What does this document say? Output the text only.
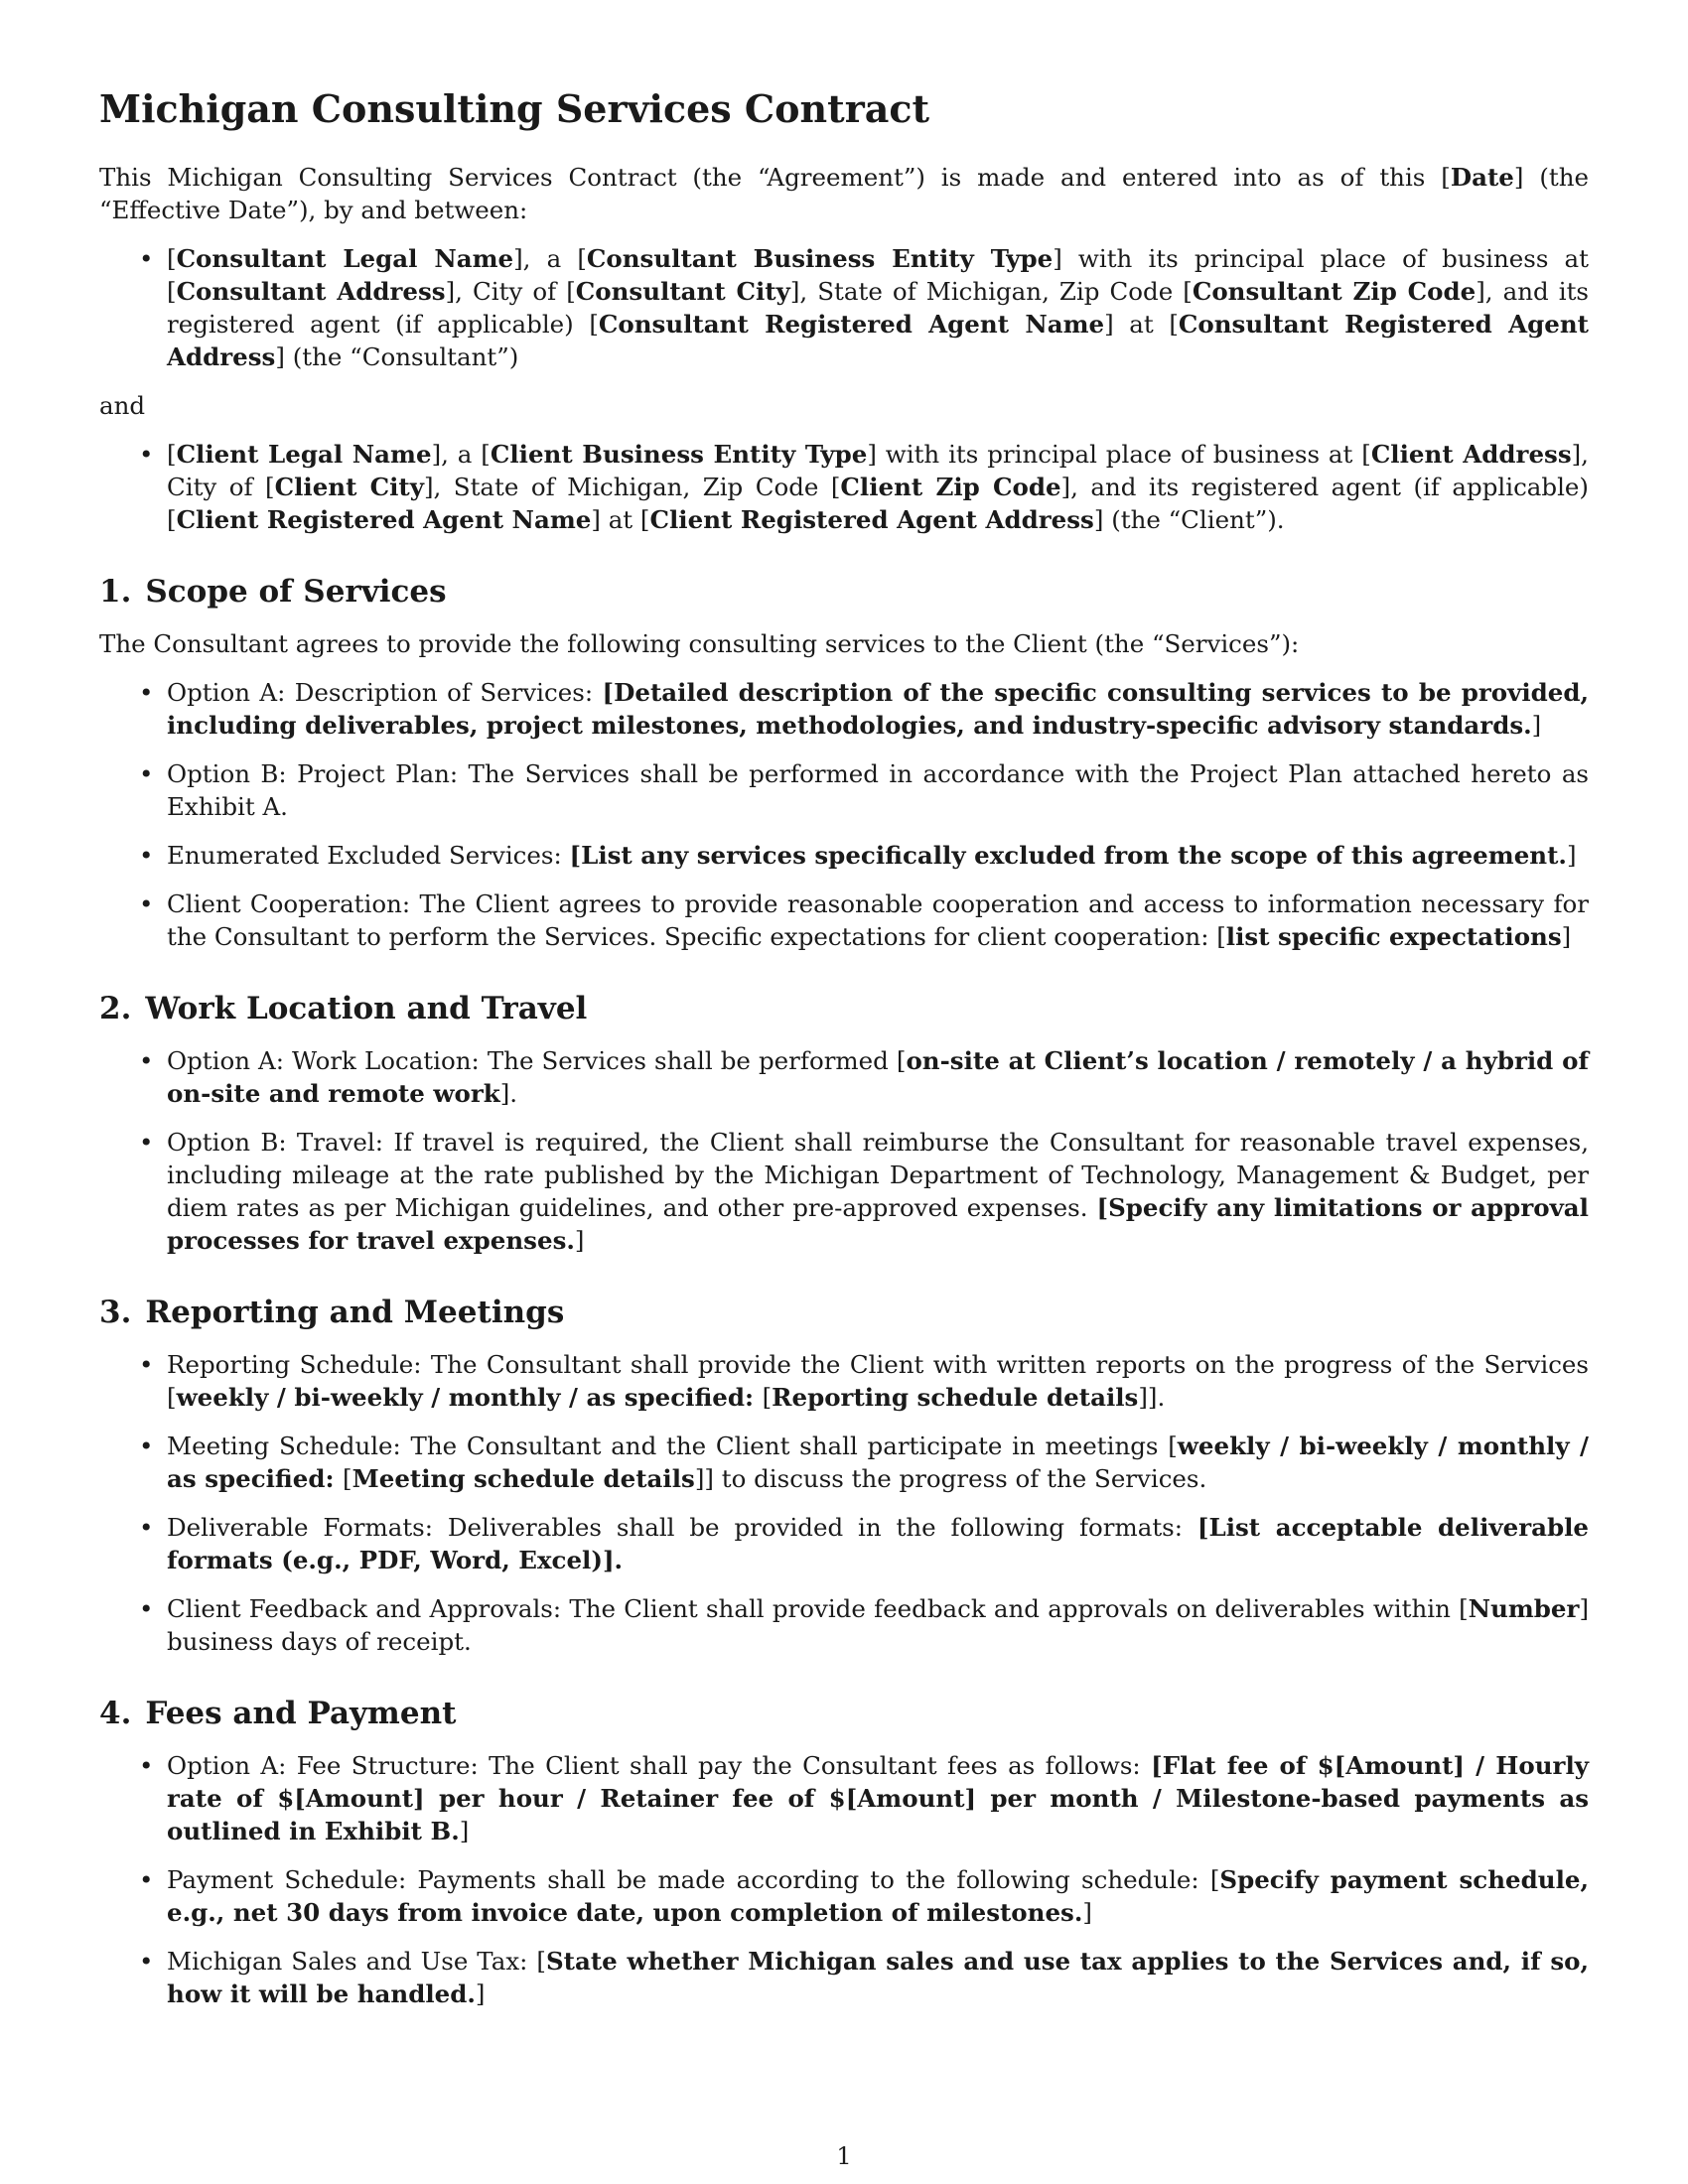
Michigan Consulting Services Contract

This Michigan Consulting Services Contract (the “Agreement”) is made and entered into as of this [Date] (the “Effective Date”), by and between:

• [Consultant Legal Name], a [Consultant Business Entity Type] with its principal place of business at [Consultant Address], City of [Consultant City], State of Michigan, Zip Code [Consultant Zip Code], and its registered agent (if applicable) [Consultant Registered Agent Name] at [Consultant Registered Agent Address] (the “Consultant”)

and

• [Client Legal Name], a [Client Business Entity Type] with its principal place of business at [Client Address], City of [Client City], State of Michigan, Zip Code [Client Zip Code], and its registered agent (if applicable) [Client Registered Agent Name] at [Client Registered Agent Address] (the “Client”).
1. Scope of Services

The Consultant agrees to provide the following consulting services to the Client (the “Services”):

• Option A: Description of Services: [Detailed description of the specific consulting services to be provided, including deliverables, project milestones, methodologies, and industry-specific advisory standards.]
• Option B: Project Plan: The Services shall be performed in accordance with the Project Plan attached hereto as Exhibit A.
• Enumerated Excluded Services: [List any services specifically excluded from the scope of this agreement.]
• Client Cooperation: The Client agrees to provide reasonable cooperation and access to information necessary for the Consultant to perform the Services. Specific expectations for client cooperation: [list specific expectations]
2. Work Location and Travel
• Option A: Work Location: The Services shall be performed [on-site at Client’s location / remotely / a hybrid of on-site and remote work].
• Option B: Travel: If travel is required, the Client shall reimburse the Consultant for reasonable travel expenses, including mileage at the rate published by the Michigan Department of Technology, Management & Budget, per diem rates as per Michigan guidelines, and other pre-approved expenses. [Specify any limitations or approval processes for travel expenses.]
3. Reporting and Meetings
• Reporting Schedule: The Consultant shall provide the Client with written reports on the progress of the Services [weekly / bi-weekly / monthly / as specified: [Reporting schedule details]].
• Meeting Schedule: The Consultant and the Client shall participate in meetings [weekly / bi-weekly / monthly / as specified: [Meeting schedule details]] to discuss the progress of the Services.
• Deliverable Formats: Deliverables shall be provided in the following formats: [List acceptable deliverable formats (e.g., PDF, Word, Excel)].
• Client Feedback and Approvals: The Client shall provide feedback and approvals on deliverables within [Number] business days of receipt.
4. Fees and Payment
• Option A: Fee Structure: The Client shall pay the Consultant fees as follows: [Flat fee of $[Amount] / Hourly rate of $[Amount] per hour / Retainer fee of $[Amount] per month / Milestone-based payments as outlined in Exhibit B.]
• Payment Schedule: Payments shall be made according to the following schedule: [Specify payment schedule, e.g., net 30 days from invoice date, upon completion of milestones.]
• Michigan Sales and Use Tax: [State whether Michigan sales and use tax applies to the Services and, if so, how it will be handled.]
1
